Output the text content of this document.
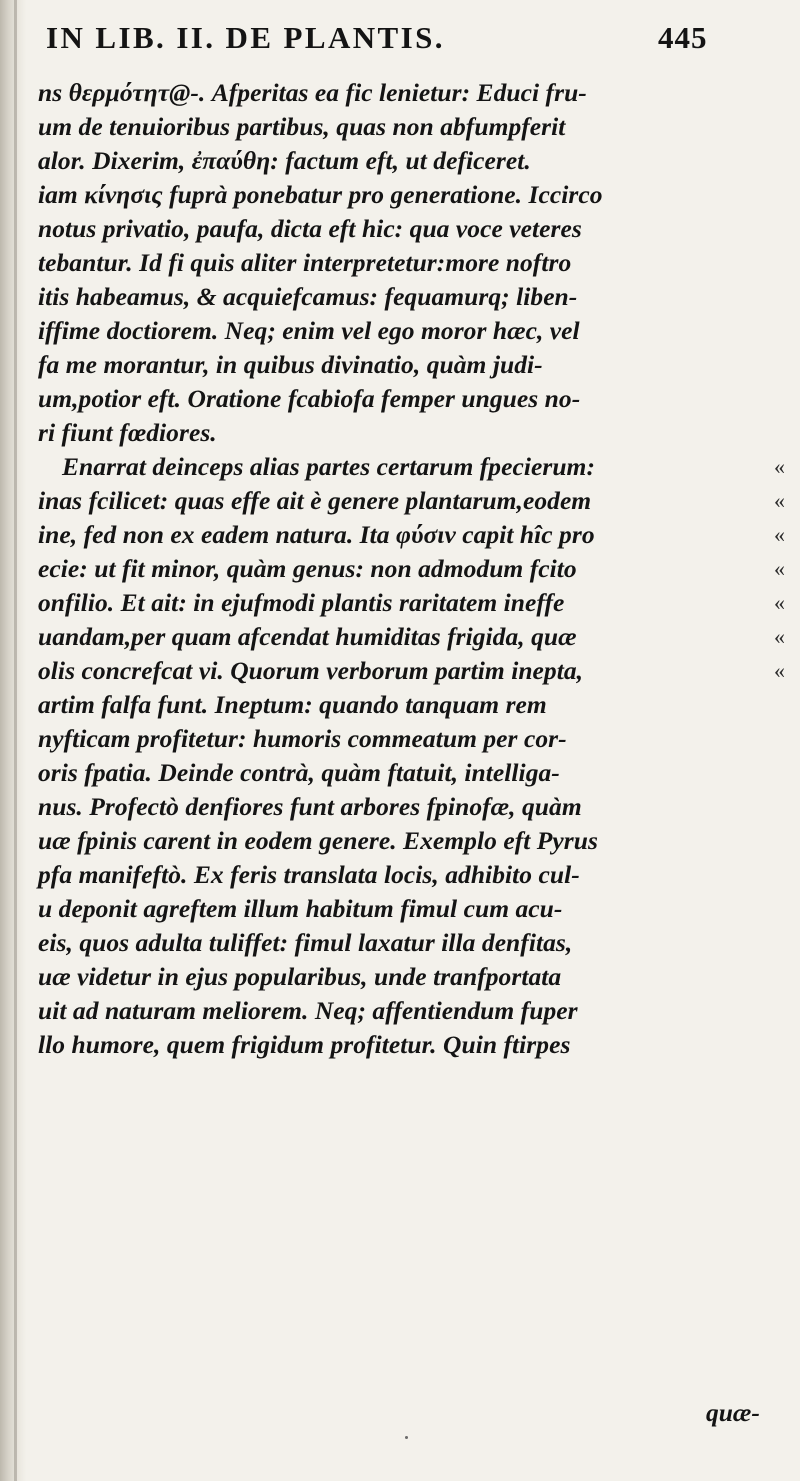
IN LIB. II. DE PLANTIS.	445
ns θερμότητ@-. Afperitas ea fic lenietur: Educi fru-
um de tenuioribus partibus, quas non abfumpferit
alor. Dixerim, ἐπαύθη: factum eft, ut deficeret.
iam κίνησις fuprà ponebatur pro generatione. Iccirco
notus privatio, paufa, dicta eft hic: qua voce veteres
tebantur. Id fi quis aliter interpretetur:more noftro
itis habeamus, & acquiefcamus: fequamurq; liben-
iffime doctiorem. Neq; enim vel ego moror hæc, vel
fa me morantur, in quibus divinatio, quàm judi-
um,potior eft. Oratione fcabiofa femper ungues no-
ri fiunt fœdiores.
Enarrat deinceps alias partes certarum fpecierum:	«
inas fcilicet: quas effe ait è genere plantarum,eodem	«
ine, fed non ex eadem natura. Ita φύσιν capit hîc pro	«
ecie: ut fit minor, quàm genus: non admodum fcito	«
onfilio. Et ait: in ejufmodi plantis raritatem ineffe	«
uandam,per quam afcendat humiditas frigida, quæ	«
olis concrefcat vi. Quorum verborum partim inepta,	«
artim falfa funt. Ineptum: quando tanquam rem
nyfticam profitetur: humoris commeatum per cor-
oris fpatia. Deinde contrà, quàm ftatuit, intelliga-
nus. Profectò denfiores funt arbores fpinofæ, quàm
uæ fpinis carent in eodem genere. Exemplo eft Pyrus
pfa manifeftò. Ex feris translata locis, adhibito cul-
u deponit agreftem illum habitum fimul cum acu-
eis, quos adulta tuliffet: fimul laxatur illa denfitas,
uæ videtur in ejus popularibus, unde tranfportata
uit ad naturam meliorem. Neq; affentiendum fuper
llo humore, quem frigidum profitetur. Quin ftirpes
quæ-
